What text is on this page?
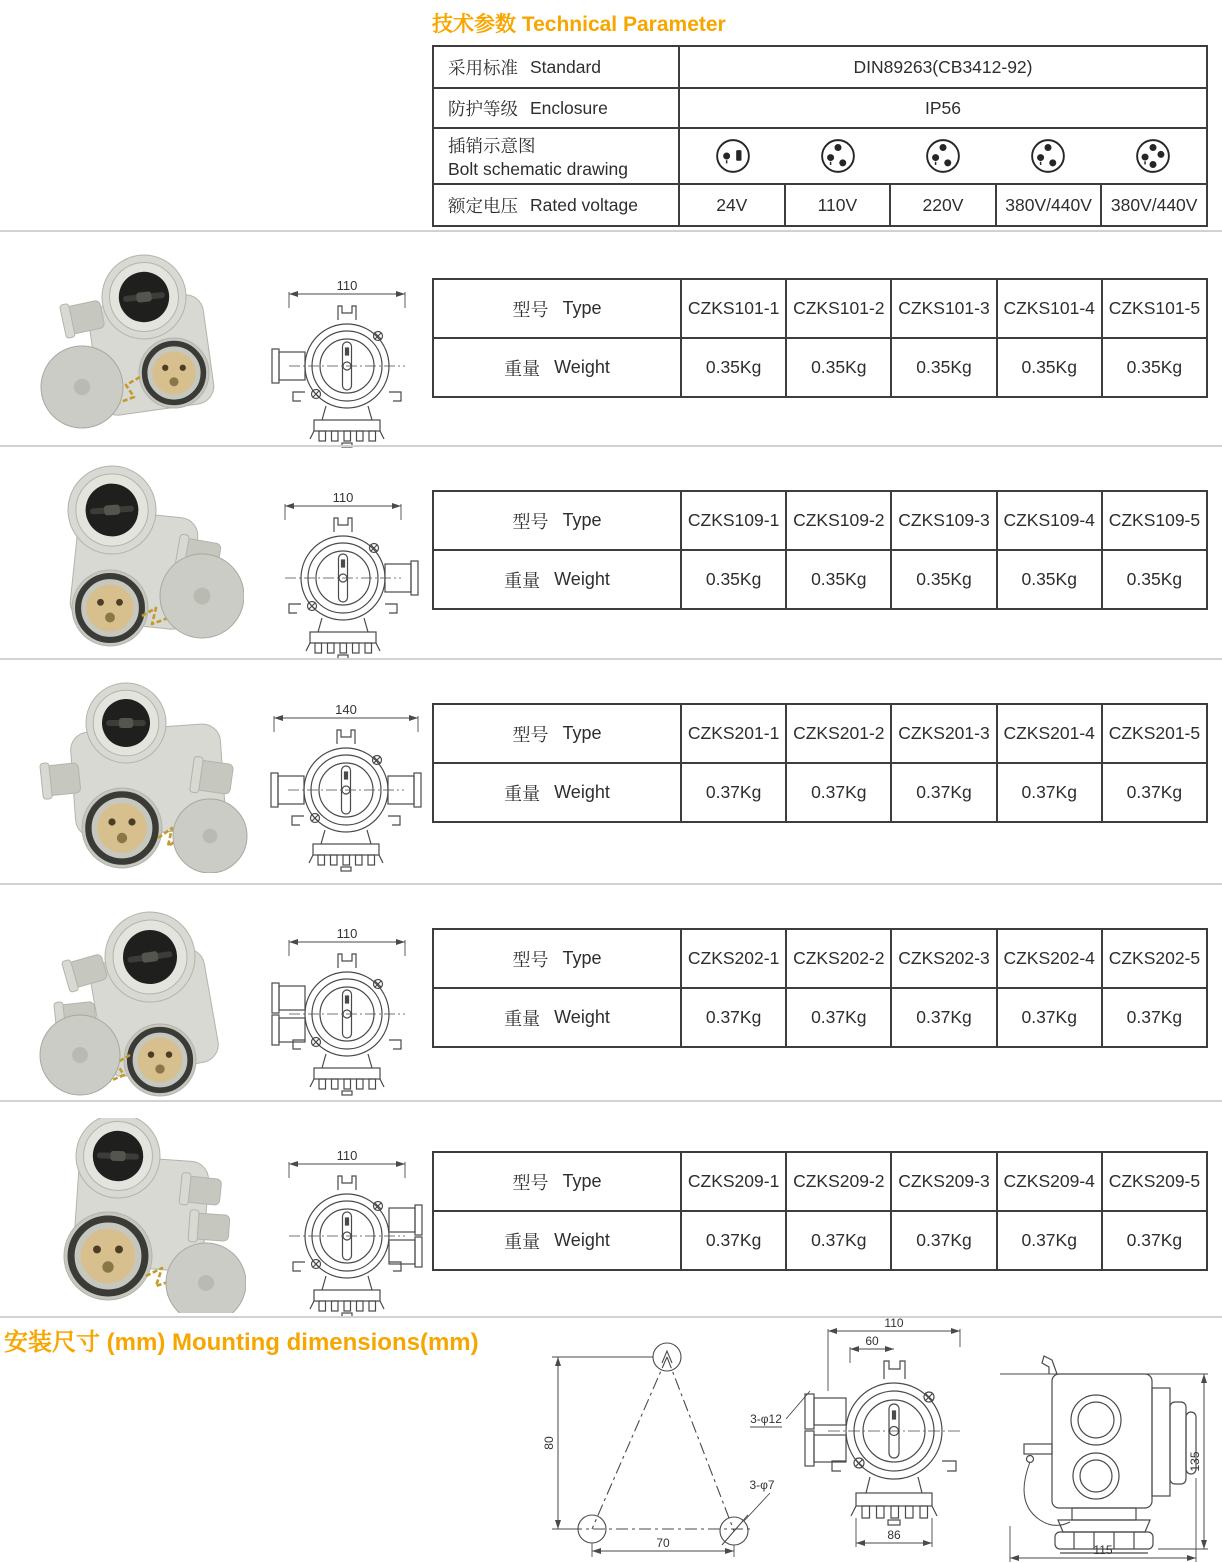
技术参数 Technical Parameter
采用标准 Standard	DIN89263(CB3412-92)
防护等级 Enclosure	IP56
插销示意图
Bolt schematic drawing
额定电压 Rated voltage	24V	110V	220V	380V/440V	380V/440V
110
型号 Type	CZKS101-1 CZKS101-2 CZKS101-3 CZKS101-4 CZKS101-5
重量 Weight	0.35Kg	0.35Kg	0.35Kg	0.35Kg	0.35Kg
110
型号 Type	CZKS109-1 CZKS109-2 CZKS109-3 CZKS109-4 CZKS109-5
重量 Weight	0.35Kg	0.35Kg	0.35Kg	0.35Kg	0.35Kg
140
型号 Type	CZKS201-1 CZKS201-2 CZKS201-3 CZKS201-4 CZKS201-5
重量 Weight	0.37Kg	0.37Kg	0.37Kg	0.37Kg	0.37Kg
110
型号 Type	CZKS202-1 CZKS202-2 CZKS202-3 CZKS202-4 CZKS202-5
重量 Weight	0.37Kg	0.37Kg	0.37Kg	0.37Kg	0.37Kg
110
型号 Type	CZKS209-1 CZKS209-2 CZKS209-3 CZKS209-4 CZKS209-5
重量 Weight	0.37Kg	0.37Kg	0.37Kg	0.37Kg	0.37Kg
安装尺寸 (mm) Mounting dimensions(mm)
80
70
3-φ7
110
60
86
3-φ12
135
115
